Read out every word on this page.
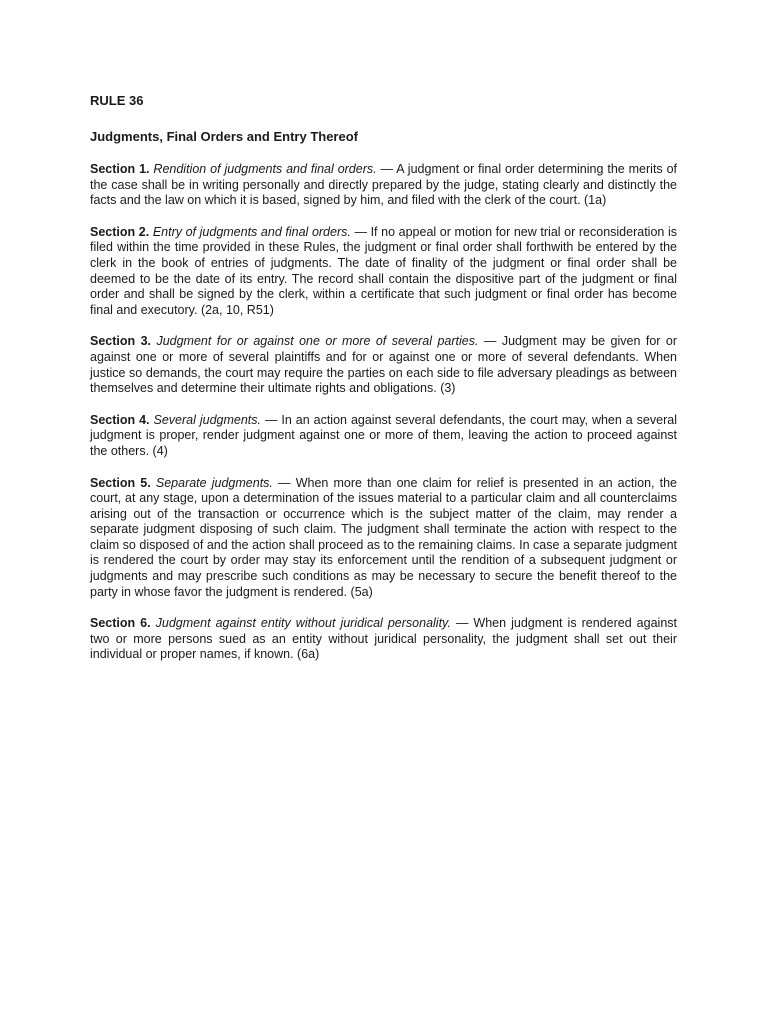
RULE 36
Judgments, Final Orders and Entry Thereof

Section 1. Rendition of judgments and final orders. — A judgment or final order determining the merits of the case shall be in writing personally and directly prepared by the judge, stating clearly and distinctly the facts and the law on which it is based, signed by him, and filed with the clerk of the court. (1a)

Section 2. Entry of judgments and final orders. — If no appeal or motion for new trial or reconsideration is filed within the time provided in these Rules, the judgment or final order shall forthwith be entered by the clerk in the book of entries of judgments. The date of finality of the judgment or final order shall be deemed to be the date of its entry. The record shall contain the dispositive part of the judgment or final order and shall be signed by the clerk, within a certificate that such judgment or final order has become final and executory. (2a, 10, R51)

Section 3. Judgment for or against one or more of several parties. — Judgment may be given for or against one or more of several plaintiffs and for or against one or more of several defendants. When justice so demands, the court may require the parties on each side to file adversary pleadings as between themselves and determine their ultimate rights and obligations. (3)

Section 4. Several judgments. — In an action against several defendants, the court may, when a several judgment is proper, render judgment against one or more of them, leaving the action to proceed against the others. (4)

Section 5. Separate judgments. — When more than one claim for relief is presented in an action, the court, at any stage, upon a determination of the issues material to a particular claim and all counterclaims arising out of the transaction or occurrence which is the subject matter of the claim, may render a separate judgment disposing of such claim. The judgment shall terminate the action with respect to the claim so disposed of and the action shall proceed as to the remaining claims. In case a separate judgment is rendered the court by order may stay its enforcement until the rendition of a subsequent judgment or judgments and may prescribe such conditions as may be necessary to secure the benefit thereof to the party in whose favor the judgment is rendered. (5a)

Section 6. Judgment against entity without juridical personality. — When judgment is rendered against two or more persons sued as an entity without juridical personality, the judgment shall set out their individual or proper names, if known. (6a)
